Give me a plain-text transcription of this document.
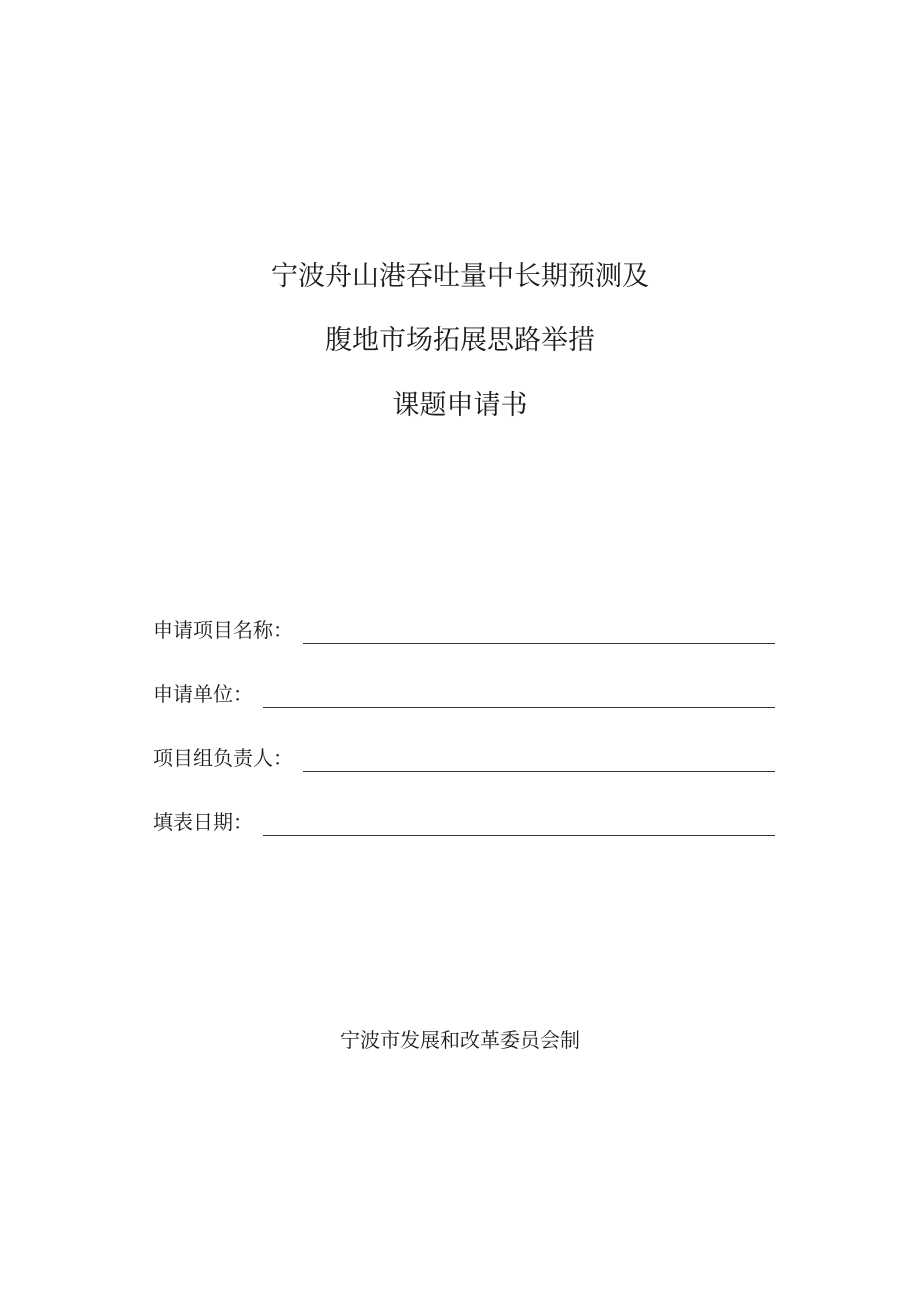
宁波舟山港吞吐量中长期预测及
腹地市场拓展思路举措
课题申请书
申请项目名称：
申请单位：
项目组负责人：
填表日期：
宁波市发展和改革委员会制
